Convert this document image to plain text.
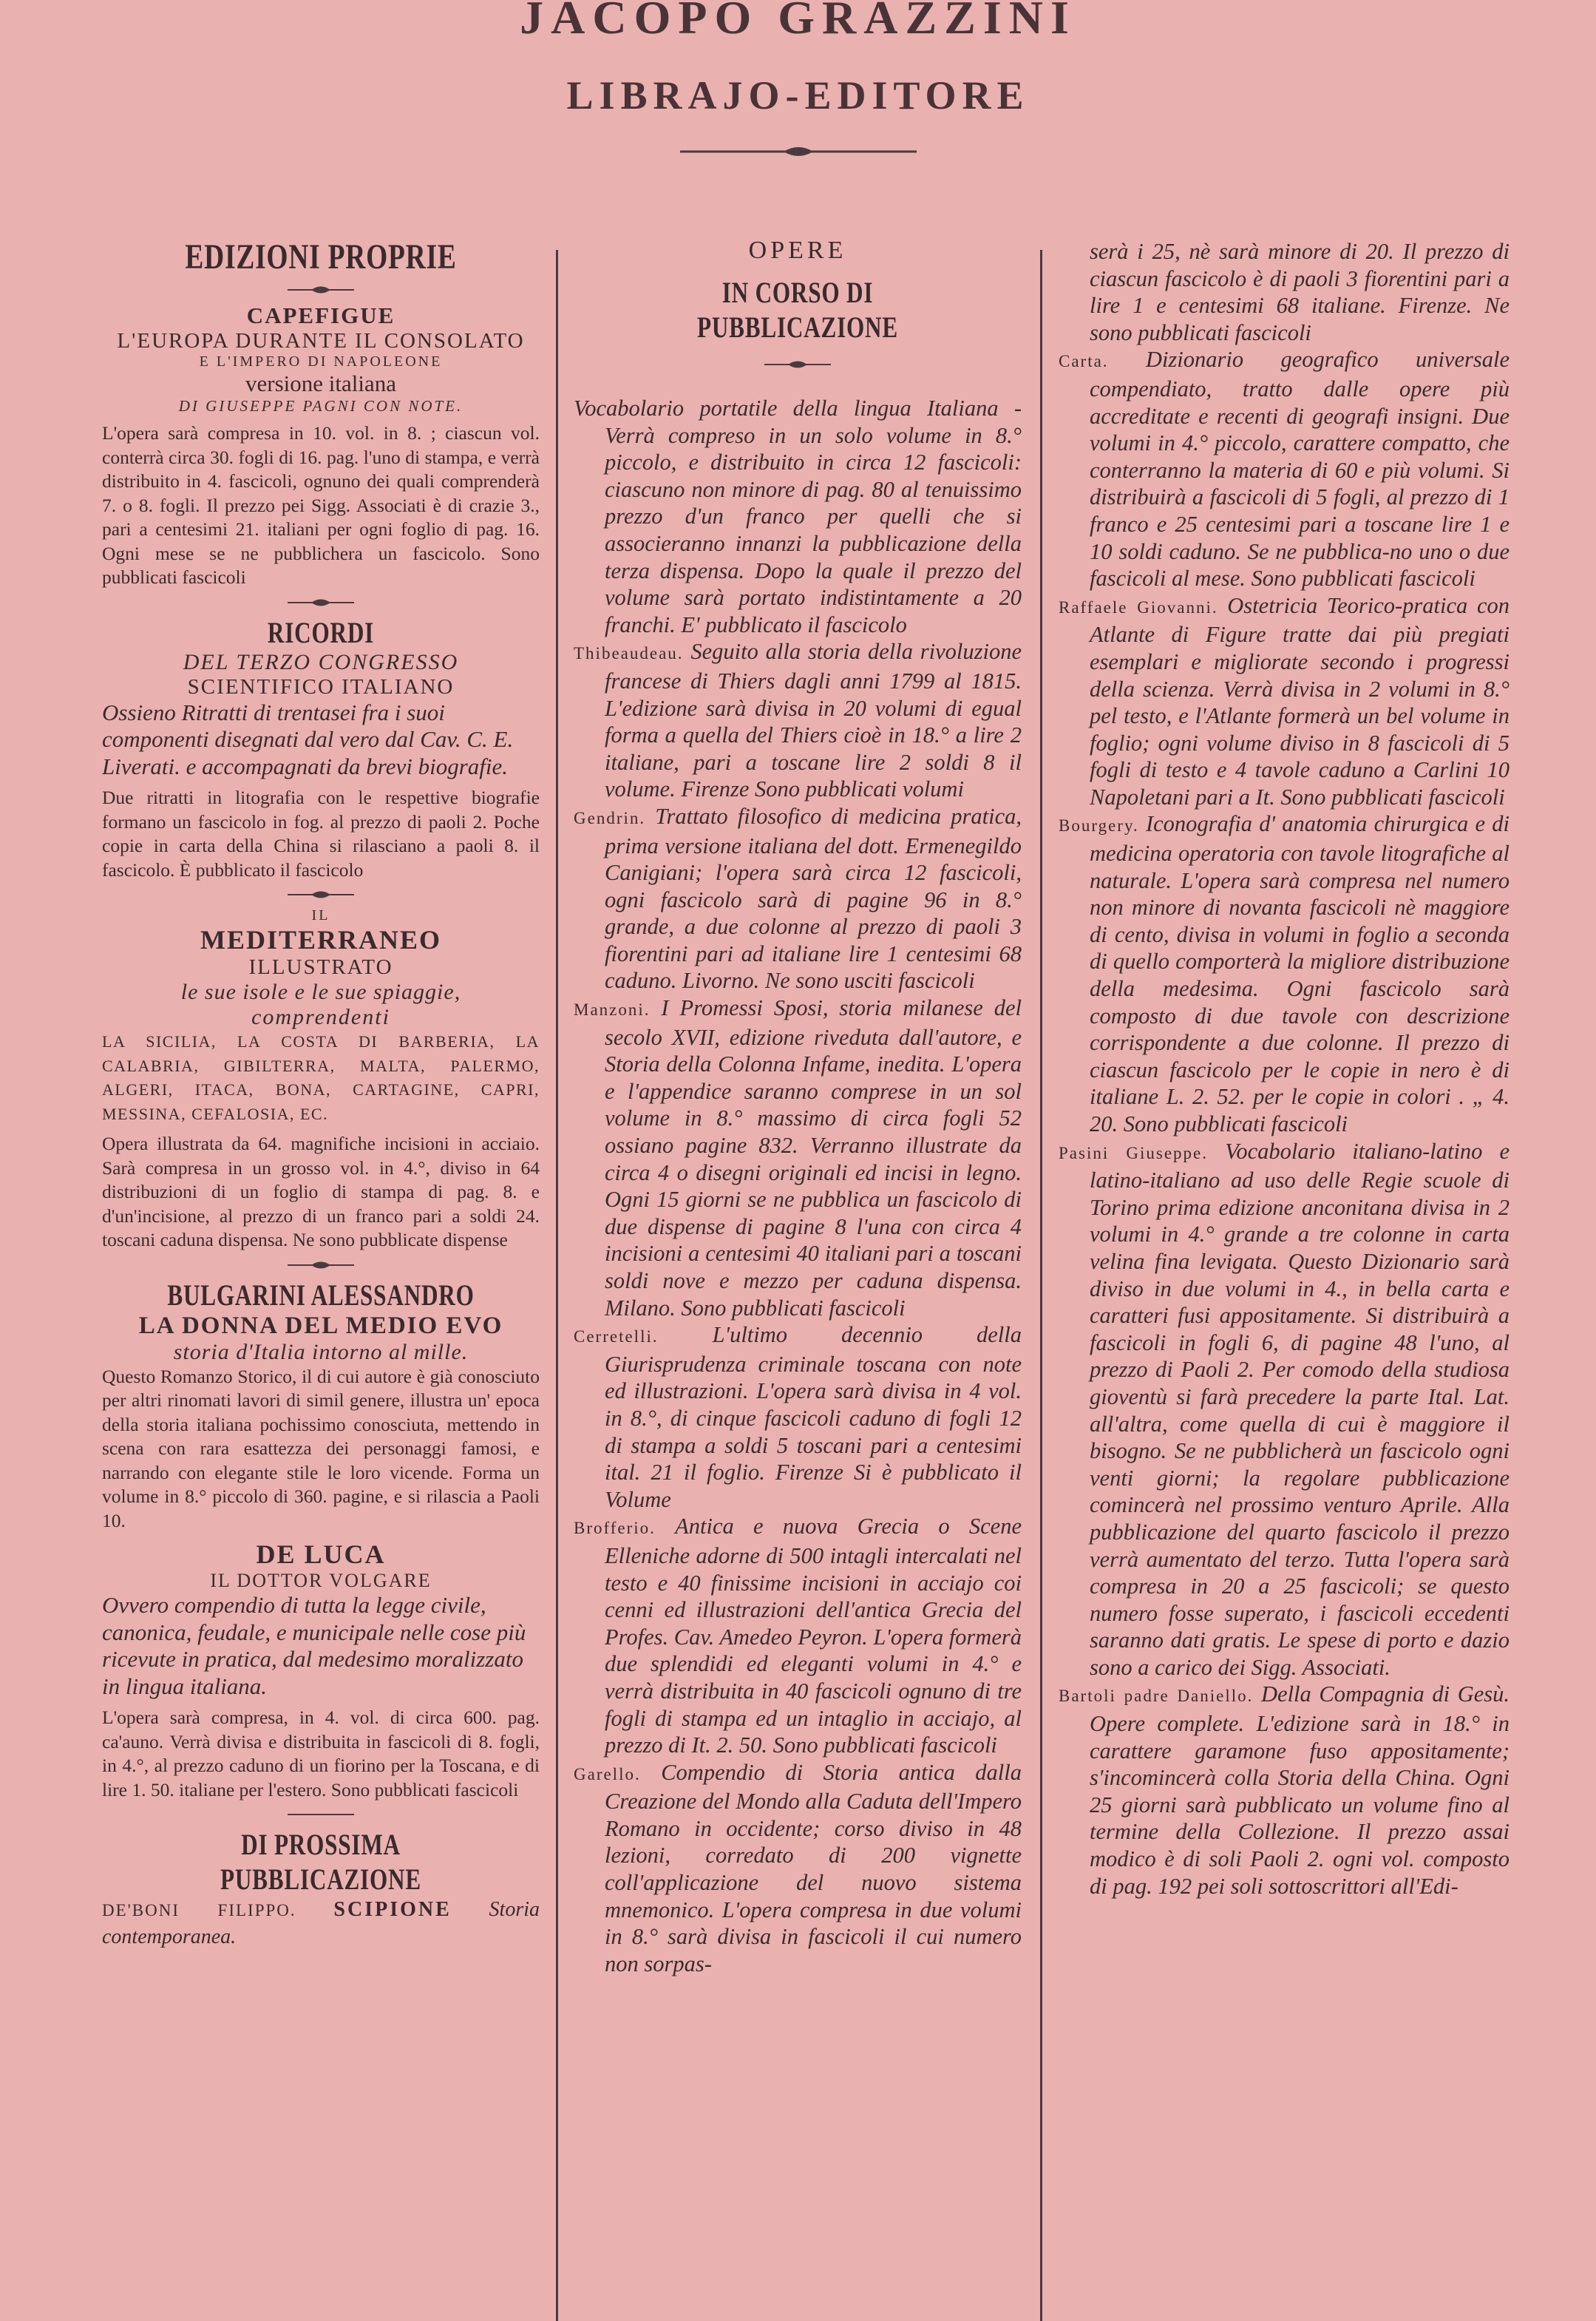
JACOPO GRAZZINI
LIBRAJO-EDITORE
EDIZIONI PROPRIE
CAPEFIGUE
L'EUROPA DURANTE IL CONSOLATO
E L'IMPERO DI NAPOLEONE
versione italiana
DI GIUSEPPE PAGNI CON NOTE.

L'opera sarà compresa in 10. vol. in 8. ; ciascun vol. conterrà circa 30. fogli di 16. pag. l'uno di stampa, e verrà distribuito in 4. fascicoli, ognuno dei quali comprenderà 7. o 8. fogli. Il prezzo pei Sigg. Associati è di crazie 3., pari a centesimi 21. italiani per ogni foglio di pag. 16. Ogni mese se ne pubblichera un fascicolo. Sono pubblicati fascicoli

RICORDI
DEL TERZO CONGRESSO
SCIENTIFICO ITALIANO

Ossieno Ritratti di trentasei fra i suoi componenti disegnati dal vero dal Cav. C. E. Liverati. e accompagnati da brevi biografie.

Due ritratti in litografia con le respettive biografie formano un fascicolo in fog. al prezzo di paoli 2. Poche copie in carta della China si rilasciano a paoli 8. il fascicolo. È pubblicato il fascicolo

IL
MEDITERRANEO
ILLUSTRATO
le sue isole e le sue spiaggie,
comprendenti

LA SICILIA, LA COSTA DI BARBERIA, LA CALABRIA, GIBILTERRA, MALTA, PALERMO, ALGERI, ITACA, BONA, CARTAGINE, CAPRI, MESSINA, CEFALOSIA, EC.

Opera illustrata da 64. magnifiche incisioni in acciaio. Sarà compresa in un grosso vol. in 4.°, diviso in 64 distribuzioni di un foglio di stampa di pag. 8. e d'un'incisione, al prezzo di un franco pari a soldi 24. toscani caduna dispensa. Ne sono pubblicate dispense

BULGARINI ALESSANDRO
LA DONNA DEL MEDIO EVO
storia d'Italia intorno al mille.

Questo Romanzo Storico, il di cui autore è già conosciuto per altri rinomati lavori di simil genere, illustra un' epoca della storia italiana pochissimo conosciuta, mettendo in scena con rara esattezza dei personaggi famosi, e narrando con elegante stile le loro vicende. Forma un volume in 8.° piccolo di 360. pagine, e si rilascia a Paoli 10.

DE LUCA
IL DOTTOR VOLGARE

Ovvero compendio di tutta la legge civile, canonica, feudale, e municipale nelle cose più ricevute in pratica, dal medesimo moralizzato in lingua italiana.

L'opera sarà compresa, in 4. vol. di circa 600. pag. ca'auno. Verrà divisa e distribuita in fascicoli di 8. fogli, in 4.°, al prezzo caduno di un fiorino per la Toscana, e di lire 1. 50. italiane per l'estero. Sono pubblicati fascicoli

DI PROSSIMA PUBBLICAZIONE

DE'BONI FILIPPO. SCIPIONE Storia contemporanea.

OPERE
IN CORSO DI PUBBLICAZIONE

Vocabolario portatile della lingua Italiana - Verrà compreso in un solo volume in 8.° piccolo, e distribuito in circa 12 fascicoli: ciascuno non minore di pag. 80 al tenuissimo prezzo d'un franco per quelli che si associeranno innanzi la pubblicazione della terza dispensa. Dopo la quale il prezzo del volume sarà portato indistintamente a 20 franchi. E' pubblicato il fascicolo

Thibeaudeau. Seguito alla storia della rivoluzione francese di Thiers dagli anni 1799 al 1815. L'edizione sarà divisa in 20 volumi di egual forma a quella del Thiers cioè in 18.° a lire 2 italiane, pari a toscane lire 2 soldi 8 il volume. Firenze Sono pubblicati volumi

Gendrin. Trattato filosofico di medicina pratica, prima versione italiana del dott. Ermenegildo Canigiani; l'opera sarà circa 12 fascicoli, ogni fascicolo sarà di pagine 96 in 8.° grande, a due colonne al prezzo di paoli 3 fiorentini pari ad italiane lire 1 centesimi 68 caduno. Livorno. Ne sono usciti fascicoli

Manzoni. I Promessi Sposi, storia milanese del secolo XVII, edizione riveduta dall'autore, e Storia della Colonna Infame, inedita. L'opera e l'appendice saranno comprese in un sol volume in 8.° massimo di circa fogli 52 ossiano pagine 832. Verranno illustrate da circa 4 o disegni originali ed incisi in legno. Ogni 15 giorni se ne pubblica un fascicolo di due dispense di pagine 8 l'una con circa 4 incisioni a centesimi 40 italiani pari a toscani soldi nove e mezzo per caduna dispensa. Milano. Sono pubblicati fascicoli

Cerretelli. L'ultimo decennio della Giurisprudenza criminale toscana con note ed illustrazioni. L'opera sarà divisa in 4 vol. in 8.°, di cinque fascicoli caduno di fogli 12 di stampa a soldi 5 toscani pari a centesimi ital. 21 il foglio. Firenze Si è pubblicato il Volume

Brofferio. Antica e nuova Grecia o Scene Elleniche adorne di 500 intagli intercalati nel testo e 40 finissime incisioni in acciajo coi cenni ed illustrazioni dell'antica Grecia del Profes. Cav. Amedeo Peyron. L'opera formerà due splendidi ed eleganti volumi in 4.° e verrà distribuita in 40 fascicoli ognuno di tre fogli di stampa ed un intaglio in acciajo, al prezzo di It. 2. 50. Sono pubblicati fascicoli

Garello. Compendio di Storia antica dalla Creazione del Mondo alla Caduta dell'Impero Romano in occidente; corso diviso in 48 lezioni, corredato di 200 vignette coll'applicazione del nuovo sistema mnemonico. L'opera compresa in due volumi in 8.° sarà divisa in fascicoli il cui numero non sorpas-

serà i 25, nè sarà minore di 20. Il prezzo di ciascun fascicolo è di paoli 3 fiorentini pari a lire 1 e centesimi 68 italiane. Firenze. Ne sono pubblicati fascicoli

Carta. Dizionario geografico universale compendiato, tratto dalle opere più accreditate e recenti di geografi insigni. Due volumi in 4.° piccolo, carattere compatto, che conterranno la materia di 60 e più volumi. Si distribuirà a fascicoli di 5 fogli, al prezzo di 1 franco e 25 centesimi pari a toscane lire 1 e 10 soldi caduno. Se ne pubblica-no uno o due fascicoli al mese. Sono pubblicati fascicoli

Raffaele Giovanni. Ostetricia Teorico-pratica con Atlante di Figure tratte dai più pregiati esemplari e migliorate secondo i progressi della scienza. Verrà divisa in 2 volumi in 8.° pel testo, e l'Atlante formerà un bel volume in foglio; ogni volume diviso in 8 fascicoli di 5 fogli di testo e 4 tavole caduno a Carlini 10 Napoletani pari a It. Sono pubblicati fascicoli

Bourgery. Iconografia d' anatomia chirurgica e di medicina operatoria con tavole litografiche al naturale. L'opera sarà compresa nel numero non minore di novanta fascicoli nè maggiore di cento, divisa in volumi in foglio a seconda di quello comporterà la migliore distribuzione della medesima. Ogni fascicolo sarà composto di due tavole con descrizione corrispondente a due colonne. Il prezzo di ciascun fascicolo per le copie in nero è di italiane L. 2. 52. per le copie in colori . „ 4. 20. Sono pubblicati fascicoli

Pasini Giuseppe. Vocabolario italiano-latino e latino-italiano ad uso delle Regie scuole di Torino prima edizione anconitana divisa in 2 volumi in 4.° grande a tre colonne in carta velina fina levigata. Questo Dizionario sarà diviso in due volumi in 4., in bella carta e caratteri fusi appositamente. Si distribuirà a fascicoli in fogli 6, di pagine 48 l'uno, al prezzo di Paoli 2. Per comodo della studiosa gioventù si farà precedere la parte Ital. Lat. all'altra, come quella di cui è maggiore il bisogno. Se ne pubblicherà un fascicolo ogni venti giorni; la regolare pubblicazione comincerà nel prossimo venturo Aprile. Alla pubblicazione del quarto fascicolo il prezzo verrà aumentato del terzo. Tutta l'opera sarà compresa in 20 a 25 fascicoli; se questo numero fosse superato, i fascicoli eccedenti saranno dati gratis. Le spese di porto e dazio sono a carico dei Sigg. Associati.

Bartoli padre Daniello. Della Compagnia di Gesù. Opere complete. L'edizione sarà in 18.° in carattere garamone fuso appositamente; s'incomincerà colla Storia della China. Ogni 25 giorni sarà pubblicato un volume fino al termine della Collezione. Il prezzo assai modico è di soli Paoli 2. ogni vol. composto di pag. 192 pei soli sottoscrittori all'Edi-
